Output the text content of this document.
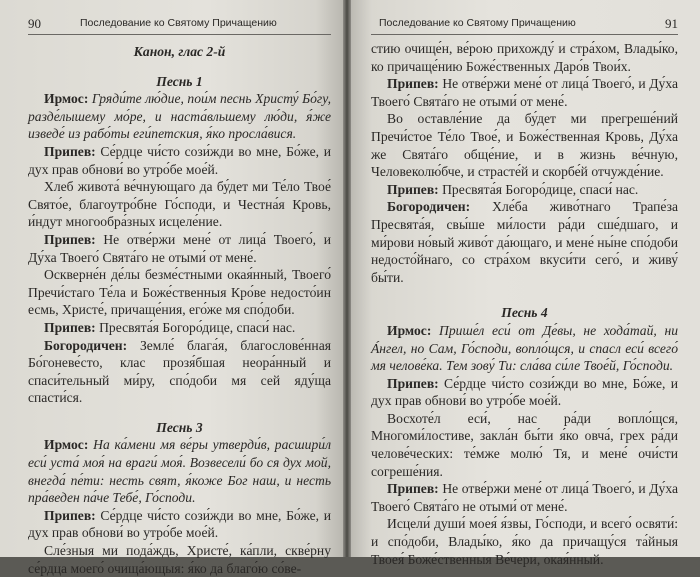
90	Последование ко Святому Причащению
Канон, глас 2-й
Песнь 1

Ирмос: Гряди́те лю́дие, пои́м песнь Христу́ Бо́гу, разде́лышему мо́ре, и наста́вльшему лю́ди, я́же изведе́ из рабо́ты еги́петския, я́ко просла́вися.

Припев: Се́рдце чи́сто сози́жди во мне, Бо́же, и дух прав обнови́ во утро́бе мое́й.

Хлеб живота́ ве́чнующаго да бу́дет ми Те́ло Твое́ Свято́е, благоутро́бне Го́споди, и Честна́я Кровь, и́ндут многообра́зных исцеле́ние.

Припев: Не отве́ржи мене́ от лица́ Твоего́, и Ду́ха Твоего́ Свята́го не отыми́ от мене́.

Оскверне́н де́лы безме́стными окая́нный, Твоего́ Пречи́стаго Те́ла и Боже́ственныя Кро́ве недосто́ин есмь, Христе́, причаще́ния, его́же мя спо́доби.

Припев: Пресвята́я Богоро́дице, спаси́ нас.

Богородичен: Земле́ блага́я, благослове́нная Бо́гоневе́сто, клас прозя́бшая неора́нный и спаси́тельный ми́ру, спо́доби мя сей яду́ща спасти́ся.

Песнь 3

Ирмос: На ка́мени мя ве́ры утверди́в, расшири́л еси́ уста́ моя́ на враги́ моя́. Возвесели́ бо ся дух мой, внегда́ пе́ти: несть свят, я́коже Бог наш, и несть пра́веден па́че Тебе́, Го́споди.

Припев: Се́рдце чи́сто сози́жди во мне, Бо́же, и дух прав обнови́ во утро́бе мое́й.

Сле́зныя ми пода́ждь, Христе́, ка́пли, скве́рну се́рдца моего́ очища́ющыя: я́ко да благо́ю со́ве-

Последование ко Святому Причащению	91

стию очище́н, ве́рою прихожду́ и стра́хом, Влады́ко, ко причаще́нию Боже́ственных Даро́в Твои́х.

Припев: Не отве́ржи мене́ от лица́ Твоего́, и Ду́ха Твоего́ Свята́го не отыми́ от мене́.

Во оставле́ние да бу́дет ми прегреше́ний Пречи́стое Те́ло Твое́, и Боже́ственная Кровь, Ду́ха же Свята́го обще́ние, и в жизнь ве́чную, Человеколю́бче, и страсте́й и скорбе́й отчужде́ние.

Припев: Пресвята́я Богоро́дице, спаси́ нас.

Богородичен: Хле́ба живо́тнаго Трапе́за Пресвята́я, свы́ше ми́лости ра́ди сше́дшаго, и ми́рови но́вый живо́т да́ющаго, и мене́ ны́не спо́доби недосто́йнаго, со стра́хом вкуси́ти сего́, и живу́ бы́ти.

Песнь 4

Ирмос: Прише́л еси́ от Де́вы, не хода́тай, ни А́нгел, но Сам, Го́споди, вопло́щся, и спасл еси́ всего́ мя челове́ка. Тем зову́ Ти: сла́ва си́ле Твое́й, Го́споди.

Припев: Се́рдце чи́сто сози́жди во мне, Бо́же, и дух прав обнови́ во утро́бе мое́й.

Восхоте́л еси́, нас ра́ди вопло́щся, Многоми́лостиве, закла́н бы́ти я́ко овча́, грех ра́ди челове́ческих: те́мже молю́ Тя, и мене́ очи́сти согреше́ния.

Припев: Не отве́ржи мене́ от лица́ Твоего́, и Ду́ха Твоего́ Свята́го не отыми́ от мене́.

Исцели́ души́ моея́ я́звы, Го́споди, и всего́ освяти́: и спо́доби, Влады́ко, я́ко да причащу́ся та́йныя Твоея́ Боже́ственныя Ве́чери, окая́нный.
